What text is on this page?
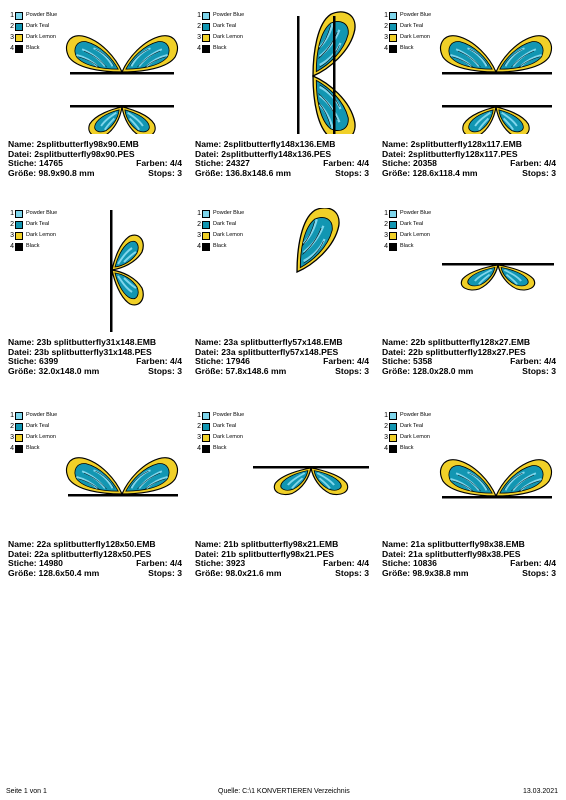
1 Powder Blue
2 Dark Teal
3 Dark Lemon
4 Black
Name: 2splitbutterfly98x90.EMB
Datei: 2splitbutterfly98x90.PES
Stiche: 14765	Farben: 4/4
Größe: 98.9x90.8 mm	Stops: 3
1 Powder Blue
2 Dark Teal
3 Dark Lemon
4 Black
Name: 2splitbutterfly148x136.EMB
Datei: 2splitbutterfly148x136.PES
Stiche: 24327	Farben: 4/4
Größe: 136.8x148.6 mm	Stops: 3
1 Powder Blue
2 Dark Teal
3 Dark Lemon
4 Black
Name: 2splitbutterfly128x117.EMB
Datei: 2splitbutterfly128x117.PES
Stiche: 20358	Farben: 4/4
Größe: 128.6x118.4 mm	Stops: 3
1 Powder Blue
2 Dark Teal
3 Dark Lemon
4 Black
Name: 23b splitbutterfly31x148.EMB
Datei: 23b splitbutterfly31x148.PES
Stiche: 6399	Farben: 4/4
Größe: 32.0x148.0 mm	Stops: 3
1 Powder Blue
2 Dark Teal
3 Dark Lemon
4 Black
Name: 23a splitbutterfly57x148.EMB
Datei: 23a splitbutterfly57x148.PES
Stiche: 17946	Farben: 4/4
Größe: 57.8x148.6 mm	Stops: 3
1 Powder Blue
2 Dark Teal
3 Dark Lemon
4 Black
Name: 22b splitbutterfly128x27.EMB
Datei: 22b splitbutterfly128x27.PES
Stiche: 5358	Farben: 4/4
Größe: 128.0x28.0 mm	Stops: 3
1 Powder Blue
2 Dark Teal
3 Dark Lemon
4 Black
Name: 22a splitbutterfly128x50.EMB
Datei: 22a splitbutterfly128x50.PES
Stiche: 14980	Farben: 4/4
Größe: 128.6x50.4 mm	Stops: 3
1 Powder Blue
2 Dark Teal
3 Dark Lemon
4 Black
Name: 21b splitbutterfly98x21.EMB
Datei: 21b splitbutterfly98x21.PES
Stiche: 3923	Farben: 4/4
Größe: 98.0x21.6 mm	Stops: 3
1 Powder Blue
2 Dark Teal
3 Dark Lemon
4 Black
Name: 21a splitbutterfly98x38.EMB
Datei: 21a splitbutterfly98x38.PES
Stiche: 10836	Farben: 4/4
Größe: 98.9x38.8 mm	Stops: 3
Seite 1 von 1	Quelle: C:\1 KONVERTIEREN Verzeichnis	13.03.2021
